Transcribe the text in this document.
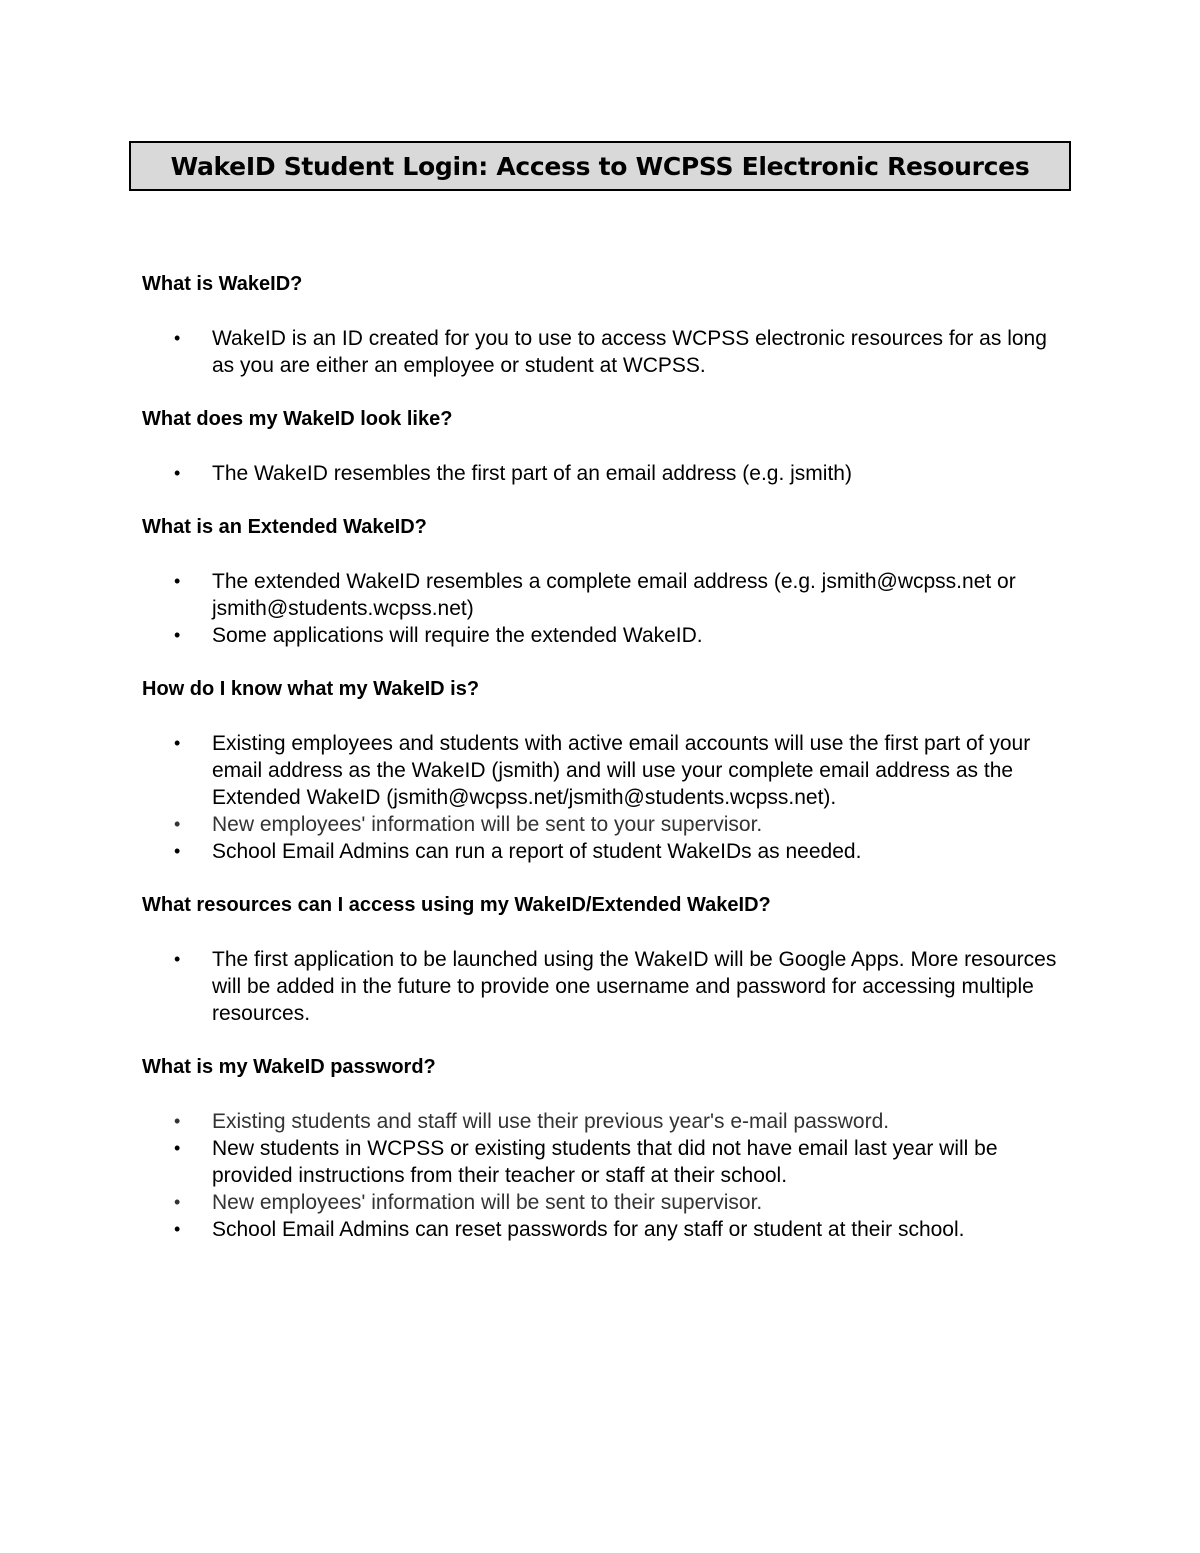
WakeID Student Login: Access to WCPSS Electronic Resources
What is WakeID?
• WakeID is an ID created for you to use to access WCPSS electronic resources for as long as you are either an employee or student at WCPSS.
What does my WakeID look like?
• The WakeID resembles the first part of an email address (e.g. jsmith)
What is an Extended WakeID?
• The extended WakeID resembles a complete email address (e.g. jsmith@wcpss.net or jsmith@students.wcpss.net)
• Some applications will require the extended WakeID.
How do I know what my WakeID is?
• Existing employees and students with active email accounts will use the first part of your email address as the WakeID (jsmith) and will use your complete email address as the Extended WakeID (jsmith@wcpss.net/jsmith@students.wcpss.net).
• New employees' information will be sent to your supervisor.
• School Email Admins can run a report of student WakeIDs as needed.
What resources can I access using my WakeID/Extended WakeID?
• The first application to be launched using the WakeID will be Google Apps. More resources will be added in the future to provide one username and password for accessing multiple resources.
What is my WakeID password?
• Existing students and staff will use their previous year's e-mail password.
• New students in WCPSS or existing students that did not have email last year will be provided instructions from their teacher or staff at their school.
• New employees' information will be sent to their supervisor.
• School Email Admins can reset passwords for any staff or student at their school.
